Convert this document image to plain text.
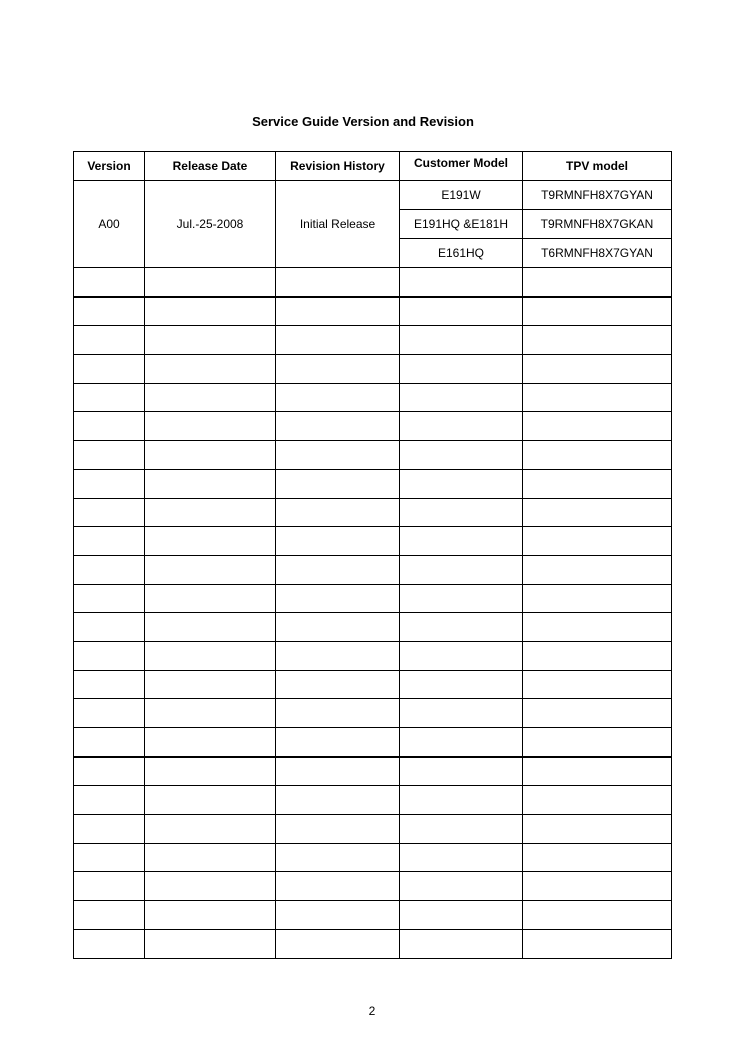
Service Guide Version and Revision
Version	Release Date	Revision History	Customer Model	TPV model
A00	Jul.-25-2008	Initial Release	E191W	T9RMNFH8X7GYAN
			E191HQ &E181H	T9RMNFH8X7GKAN
			E161HQ	T6RMNFH8X7GYAN

2
